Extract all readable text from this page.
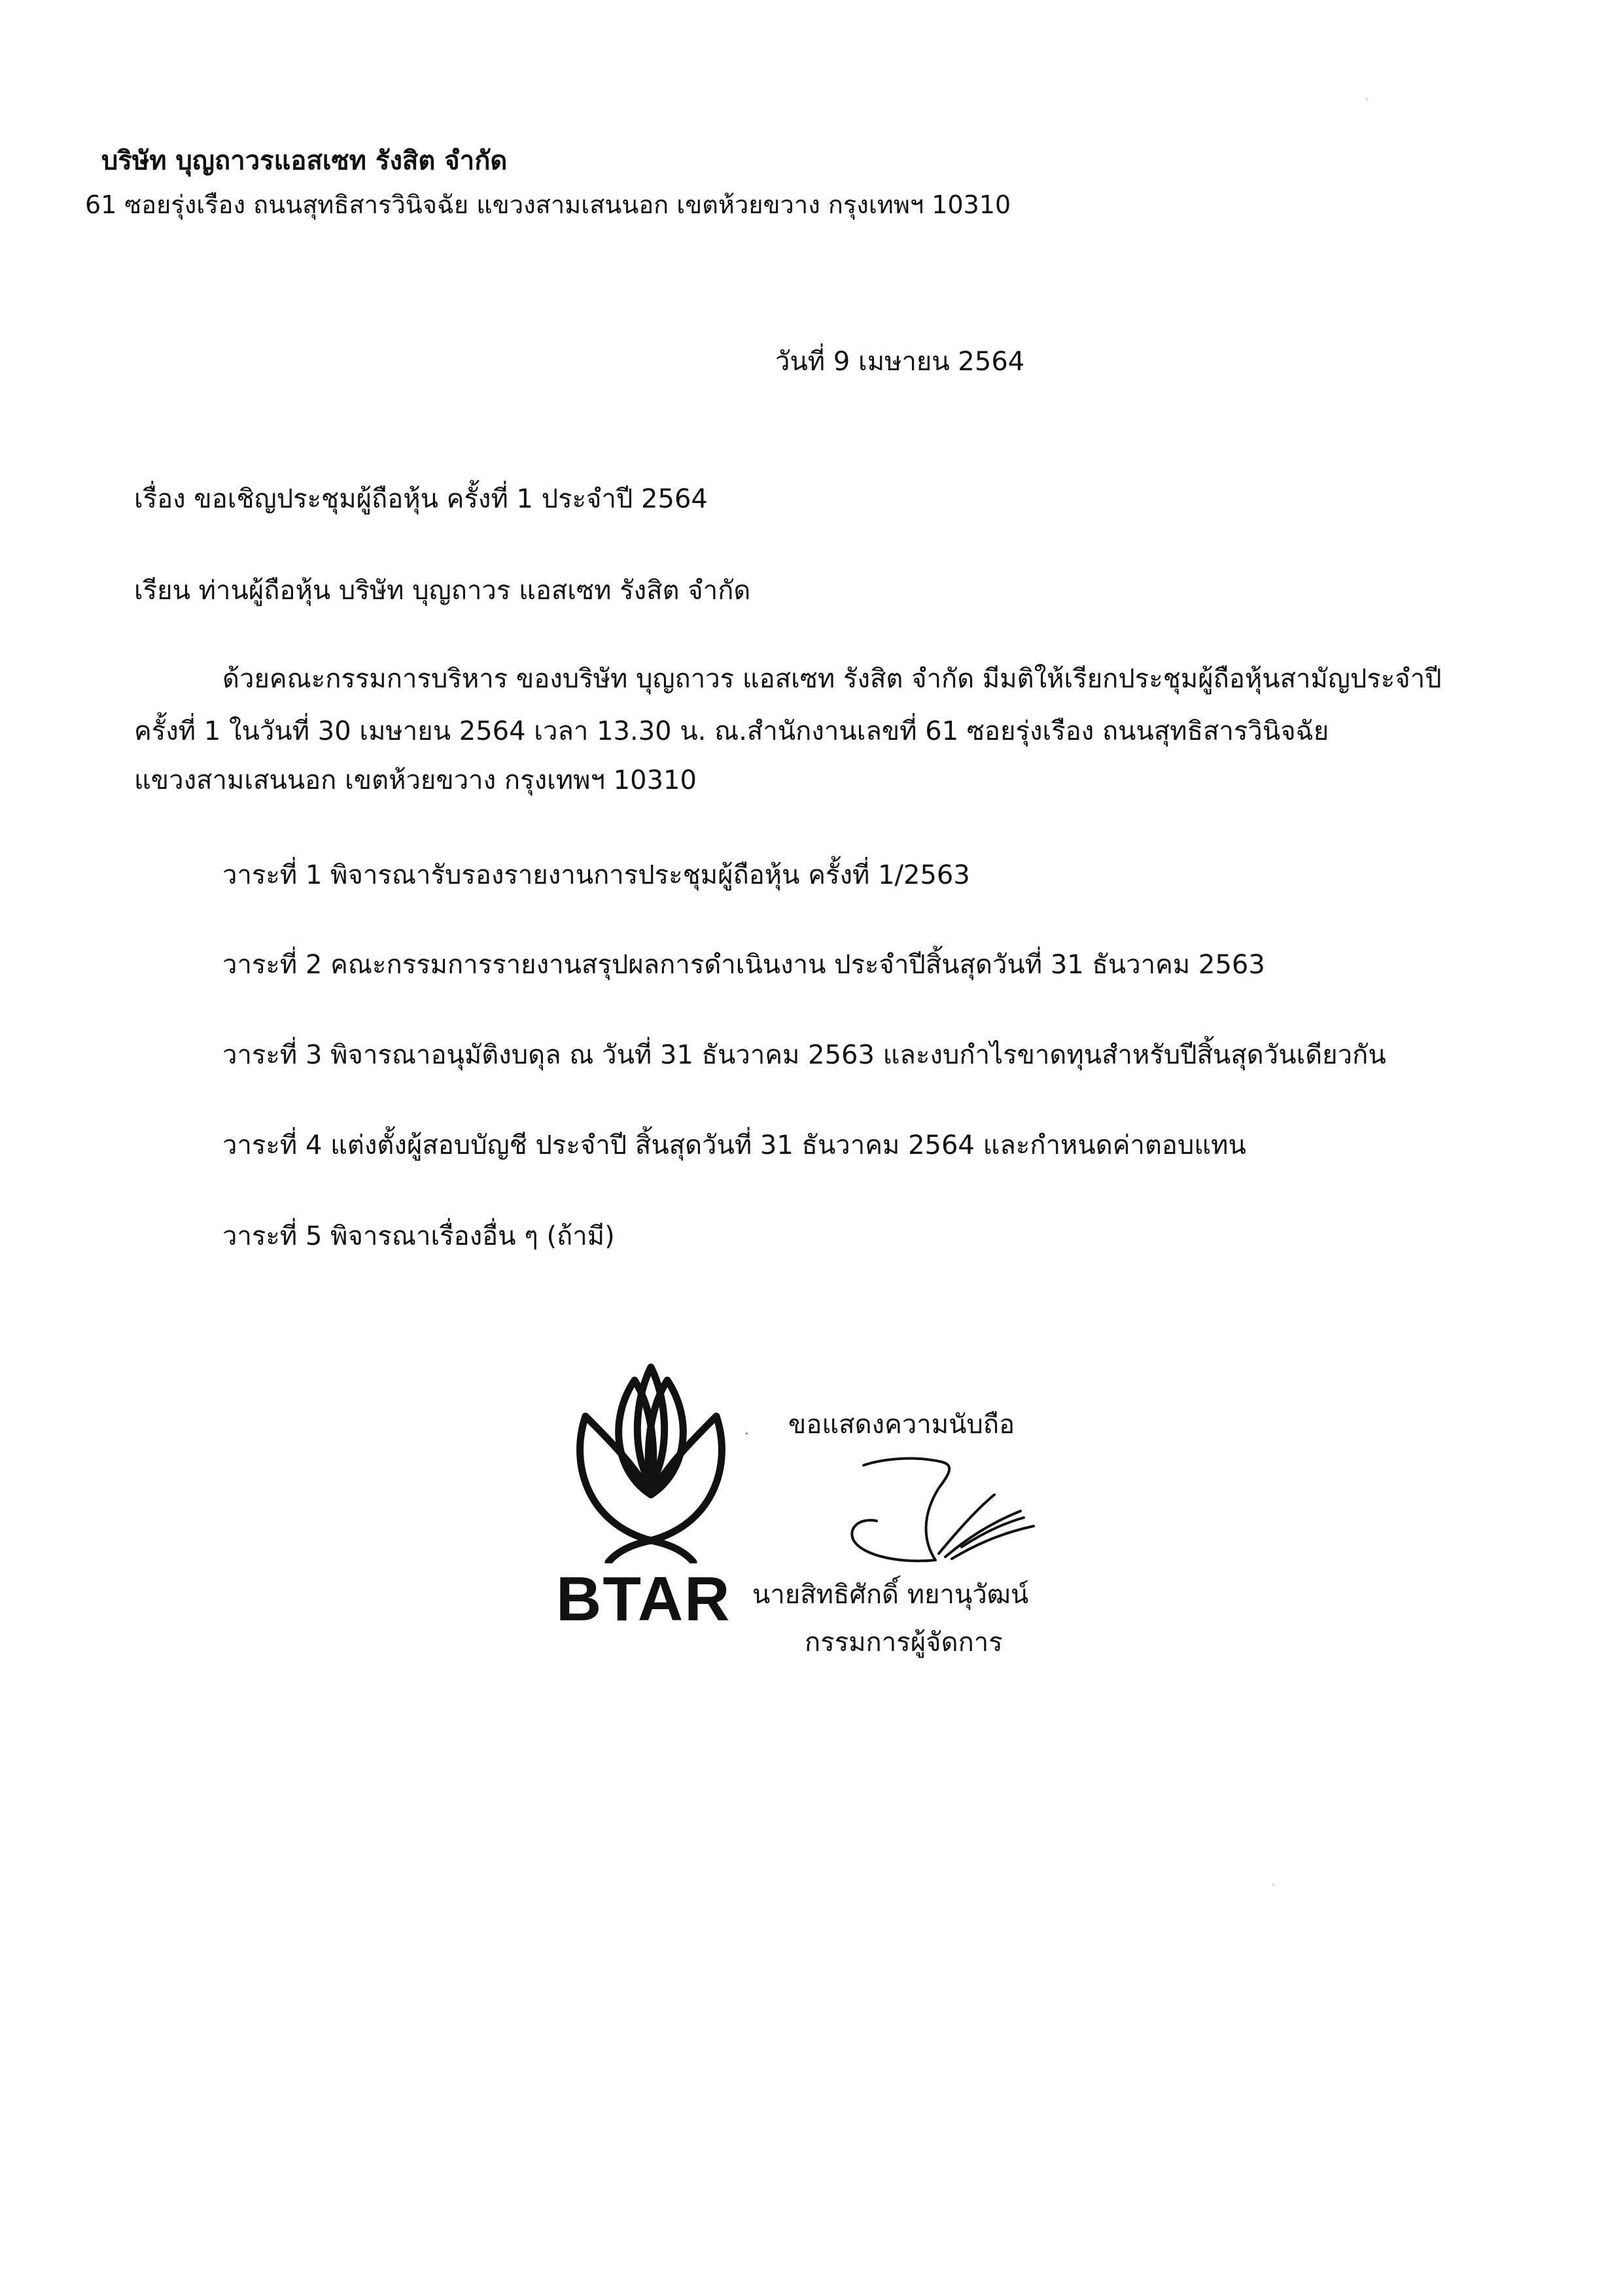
บริษัท บุญถาวรแอสเซท รังสิต จำกัด
61 ซอยรุ่งเรือง ถนนสุทธิสารวินิจฉัย แขวงสามเสนนอก เขตห้วยขวาง กรุงเทพฯ 10310
วันที่ 9 เมษายน 2564
เรื่อง ขอเชิญประชุมผู้ถือหุ้น ครั้งที่ 1 ประจำปี 2564
เรียน ท่านผู้ถือหุ้น บริษัท บุญถาวร แอสเซท รังสิต จำกัด
ด้วยคณะกรรมการบริหาร ของบริษัท บุญถาวร แอสเซท รังสิต จำกัด มีมติให้เรียกประชุมผู้ถือหุ้นสามัญประจำปี
ครั้งที่ 1 ในวันที่ 30 เมษายน 2564 เวลา 13.30 น. ณ.สำนักงานเลขที่ 61 ซอยรุ่งเรือง ถนนสุทธิสารวินิจฉัย
แขวงสามเสนนอก เขตห้วยขวาง กรุงเทพฯ 10310
วาระที่ 1 พิจารณารับรองรายงานการประชุมผู้ถือหุ้น ครั้งที่ 1/2563
วาระที่ 2 คณะกรรมการรายงานสรุปผลการดำเนินงาน ประจำปีสิ้นสุดวันที่ 31 ธันวาคม 2563
วาระที่ 3 พิจารณาอนุมัติงบดุล ณ วันที่ 31 ธันวาคม 2563 และงบกำไรขาดทุนสำหรับปีสิ้นสุดวันเดียวกัน
วาระที่ 4 แต่งตั้งผู้สอบบัญชี ประจำปี สิ้นสุดวันที่ 31 ธันวาคม 2564 และกำหนดค่าตอบแทน
วาระที่ 5 พิจารณาเรื่องอื่น ๆ (ถ้ามี)
BTAR
ขอแสดงความนับถือ
นายสิทธิศักดิ์ ทยานุวัฒน์
กรรมการผู้จัดการ
